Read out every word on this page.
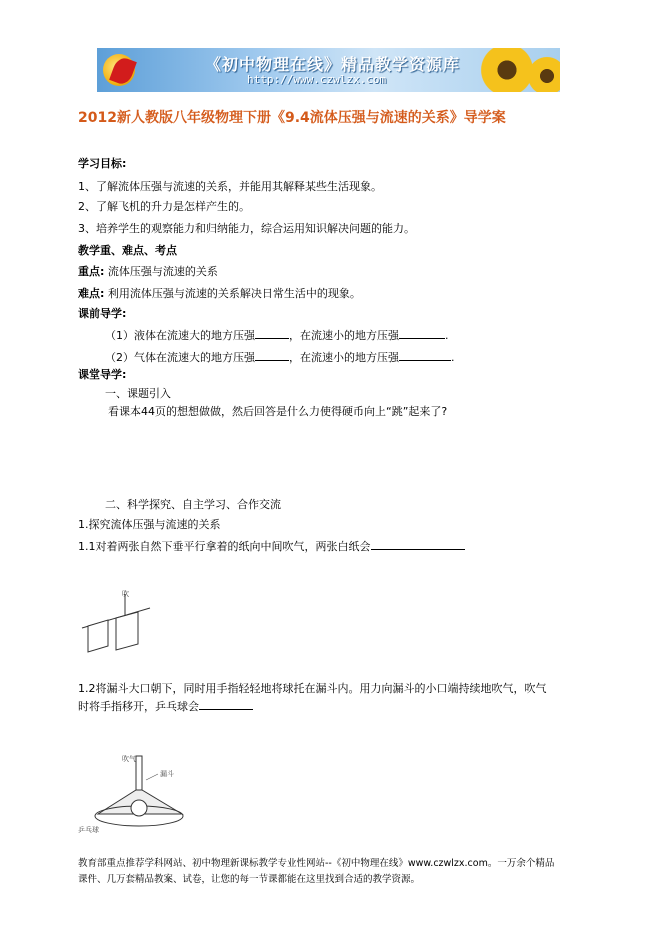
《初中物理在线》精品教学资源库
http://www.czwlzx.com
2012新人教版八年级物理下册《9.4流体压强与流速的关系》导学案
学习目标:
1、了解流体压强与流速的关系，并能用其解释某些生活现象。
2、了解飞机的升力是怎样产生的。
3、培养学生的观察能力和归纳能力，综合运用知识解决问题的能力。
教学重、难点、考点
重点: 流体压强与流速的关系
难点: 利用流体压强与流速的关系解决日常生活中的现象。
课前导学:
（1）液体在流速大的地方压强	，在流速小的地方压强	.
（2）气体在流速大的地方压强	，在流速小的地方压强	.
课堂导学:
一、课题引入
看课本44页的想想做做，然后回答是什么力使得硬币向上“跳”起来了?
二、科学探究、自主学习、合作交流
1.探究流体压强与流速的关系
1.1对着两张自然下垂平行拿着的纸向中间吹气，两张白纸会
吹
1.2将漏斗大口朝下，同时用手指轻轻地将球托在漏斗内。用力向漏斗的小口端持续地吹气，吹气
时将手指移开，乒乓球会
吹气
漏斗
乒乓球
教育部重点推荐学科网站、初中物理新课标教学专业性网站--《初中物理在线》www.czwlzx.com。一万余个精品
课件、几万套精品教案、试卷，让您的每一节课都能在这里找到合适的教学资源。
